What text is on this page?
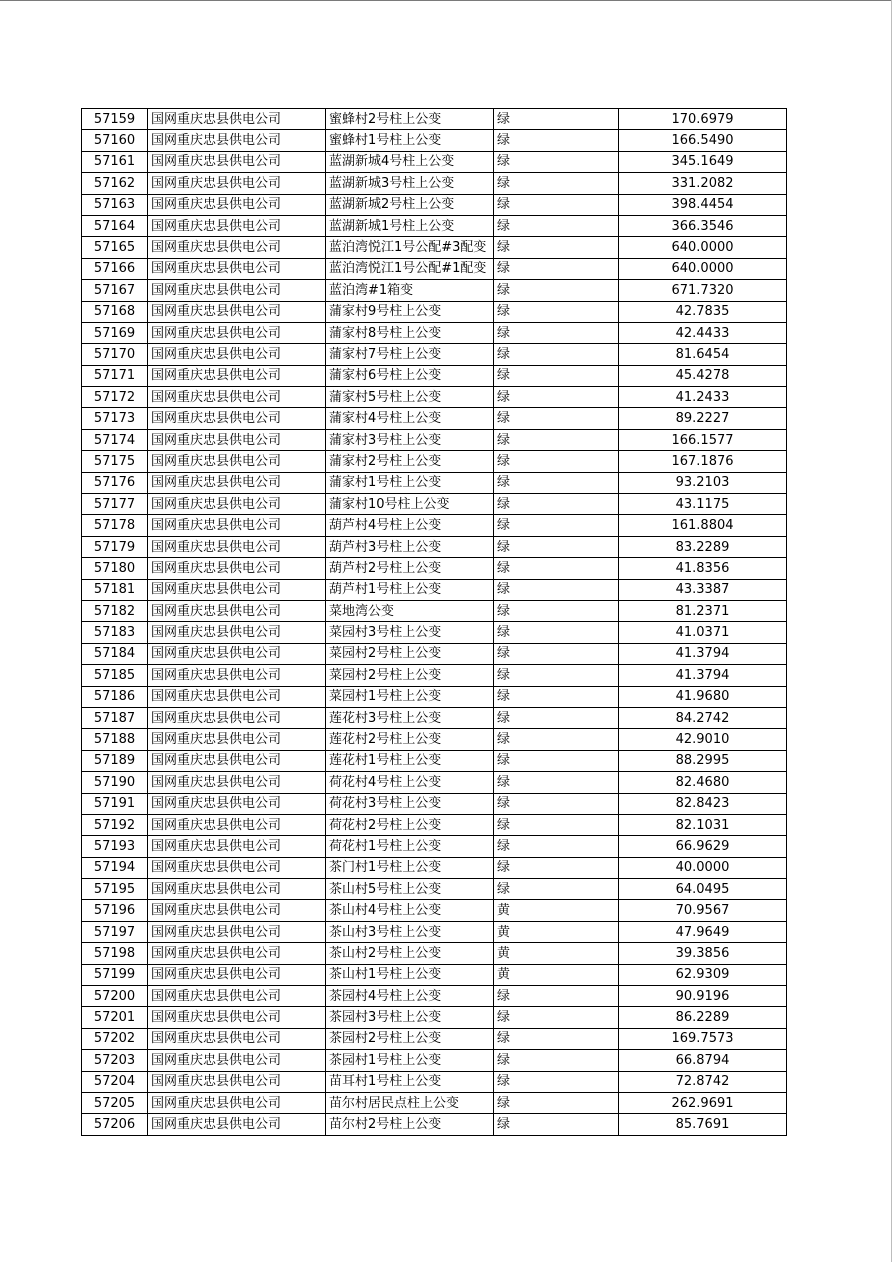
57159	国网重庆忠县供电公司	蜜蜂村2号柱上公变	绿	170.6979
57160	国网重庆忠县供电公司	蜜蜂村1号柱上公变	绿	166.5490
57161	国网重庆忠县供电公司	蓝湖新城4号柱上公变	绿	345.1649
57162	国网重庆忠县供电公司	蓝湖新城3号柱上公变	绿	331.2082
57163	国网重庆忠县供电公司	蓝湖新城2号柱上公变	绿	398.4454
57164	国网重庆忠县供电公司	蓝湖新城1号柱上公变	绿	366.3546
57165	国网重庆忠县供电公司	蓝泊湾悦江1号公配#3配变	绿	640.0000
57166	国网重庆忠县供电公司	蓝泊湾悦江1号公配#1配变	绿	640.0000
57167	国网重庆忠县供电公司	蓝泊湾#1箱变	绿	671.7320
57168	国网重庆忠县供电公司	蒲家村9号柱上公变	绿	42.7835
57169	国网重庆忠县供电公司	蒲家村8号柱上公变	绿	42.4433
57170	国网重庆忠县供电公司	蒲家村7号柱上公变	绿	81.6454
57171	国网重庆忠县供电公司	蒲家村6号柱上公变	绿	45.4278
57172	国网重庆忠县供电公司	蒲家村5号柱上公变	绿	41.2433
57173	国网重庆忠县供电公司	蒲家村4号柱上公变	绿	89.2227
57174	国网重庆忠县供电公司	蒲家村3号柱上公变	绿	166.1577
57175	国网重庆忠县供电公司	蒲家村2号柱上公变	绿	167.1876
57176	国网重庆忠县供电公司	蒲家村1号柱上公变	绿	93.2103
57177	国网重庆忠县供电公司	蒲家村10号柱上公变	绿	43.1175
57178	国网重庆忠县供电公司	葫芦村4号柱上公变	绿	161.8804
57179	国网重庆忠县供电公司	葫芦村3号柱上公变	绿	83.2289
57180	国网重庆忠县供电公司	葫芦村2号柱上公变	绿	41.8356
57181	国网重庆忠县供电公司	葫芦村1号柱上公变	绿	43.3387
57182	国网重庆忠县供电公司	菜地湾公变	绿	81.2371
57183	国网重庆忠县供电公司	菜园村3号柱上公变	绿	41.0371
57184	国网重庆忠县供电公司	菜园村2号柱上公变	绿	41.3794
57185	国网重庆忠县供电公司	菜园村2号柱上公变	绿	41.3794
57186	国网重庆忠县供电公司	菜园村1号柱上公变	绿	41.9680
57187	国网重庆忠县供电公司	莲花村3号柱上公变	绿	84.2742
57188	国网重庆忠县供电公司	莲花村2号柱上公变	绿	42.9010
57189	国网重庆忠县供电公司	莲花村1号柱上公变	绿	88.2995
57190	国网重庆忠县供电公司	荷花村4号柱上公变	绿	82.4680
57191	国网重庆忠县供电公司	荷花村3号柱上公变	绿	82.8423
57192	国网重庆忠县供电公司	荷花村2号柱上公变	绿	82.1031
57193	国网重庆忠县供电公司	荷花村1号柱上公变	绿	66.9629
57194	国网重庆忠县供电公司	茶门村1号柱上公变	绿	40.0000
57195	国网重庆忠县供电公司	茶山村5号柱上公变	绿	64.0495
57196	国网重庆忠县供电公司	茶山村4号柱上公变	黄	70.9567
57197	国网重庆忠县供电公司	茶山村3号柱上公变	黄	47.9649
57198	国网重庆忠县供电公司	茶山村2号柱上公变	黄	39.3856
57199	国网重庆忠县供电公司	茶山村1号柱上公变	黄	62.9309
57200	国网重庆忠县供电公司	茶园村4号柱上公变	绿	90.9196
57201	国网重庆忠县供电公司	茶园村3号柱上公变	绿	86.2289
57202	国网重庆忠县供电公司	茶园村2号柱上公变	绿	169.7573
57203	国网重庆忠县供电公司	茶园村1号柱上公变	绿	66.8794
57204	国网重庆忠县供电公司	苗耳村1号柱上公变	绿	72.8742
57205	国网重庆忠县供电公司	苗尔村居民点柱上公变	绿	262.9691
57206	国网重庆忠县供电公司	苗尔村2号柱上公变	绿	85.7691
